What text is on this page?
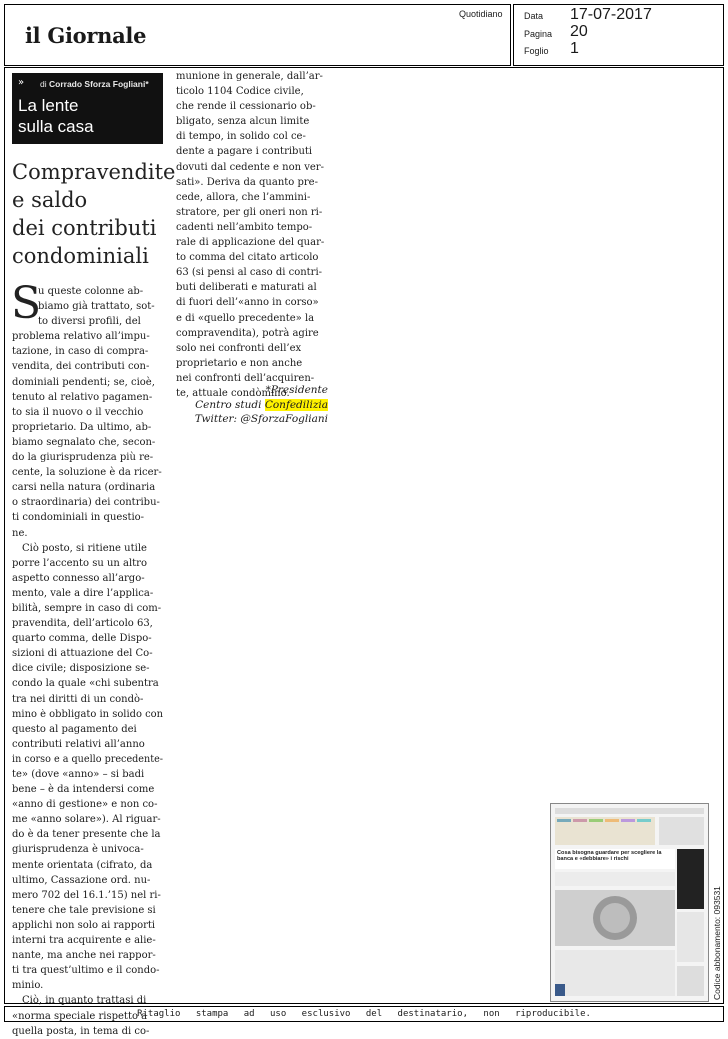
il Giornale
Quotidiano Data 17-07-2017
Pagina 20
Foglio 1
» di Corrado Sforza Fogliani*
La lente
sulla casa
Compravendite
e saldo
dei contributi
condominiali
S
u queste colonne ab-
biamo già trattato, sot-
to diversi profili, del
problema relativo all’impu-
tazione, in caso di compra-
vendita, dei contributi con-
dominiali pendenti; se, cioè,
tenuto al relativo pagamen-
to sia il nuovo o il vecchio
proprietario. Da ultimo, ab-
biamo segnalato che, secon-
do la giurisprudenza più re-
cente, la soluzione è da ricer-
carsi nella natura (ordinaria
o straordinaria) dei contribu-
ti condominiali in questio-
ne.
Ciò posto, si ritiene utile
porre l’accento su un altro
aspetto connesso all’argo-
mento, vale a dire l’applica-
bilità, sempre in caso di com-
pravendita, dell’articolo 63,
quarto comma, delle Dispo-
sizioni di attuazione del Co-
dice civile; disposizione se-
condo la quale «chi subentra
tra nei diritti di un condò-
mino è obbligato in solido con
questo al pagamento dei
contributi relativi all’anno
in corso e a quello precedente-
te» (dove «anno» – si badi
bene – è da intendersi come
«anno di gestione» e non co-
me «anno solare»). Al riguar-
do è da tener presente che la
giurisprudenza è univoca-
mente orientata (cifrato, da
ultimo, Cassazione ord. nu-
mero 702 del 16.1.’15) nel ri-
tenere che tale previsione si
applichi non solo ai rapporti
interni tra acquirente e alie-
nante, ma anche nei rappor-
ti tra quest’ultimo e il condo-
minio.
Ciò, in quanto trattasi di
«norma speciale rispetto a
quella posta, in tema di co-
munione in generale, dall’ar-
ticolo 1104 Codice civile,
che rende il cessionario ob-
bligato, senza alcun limite
di tempo, in solido col ce-
dente a pagare i contributi
dovuti dal cedente e non ver-
sati». Deriva da quanto pre-
cede, allora, che l’ammini-
stratore, per gli oneri non ri-
cadenti nell’ambito tempo-
rale di applicazione del quar-
to comma del citato articolo
63 (si pensi al caso di contri-
buti deliberati e maturati al
di fuori dell’«anno in corso»
e di «quello precedente» la
compravendita), potrà agire
solo nei confronti dell’ex
proprietario e non anche
nei confronti dell’acquiren-
te, attuale condòmino.
*Presidente
Centro studi Confedilizia
Twitter: @SforzaFogliani
Cosa bisogna guardare per scegliere la banca e «debbiare» i rischi
Codice abbonamento: 093531
Ritaglio stampa ad uso esclusivo del destinatario, non riproducibile.
